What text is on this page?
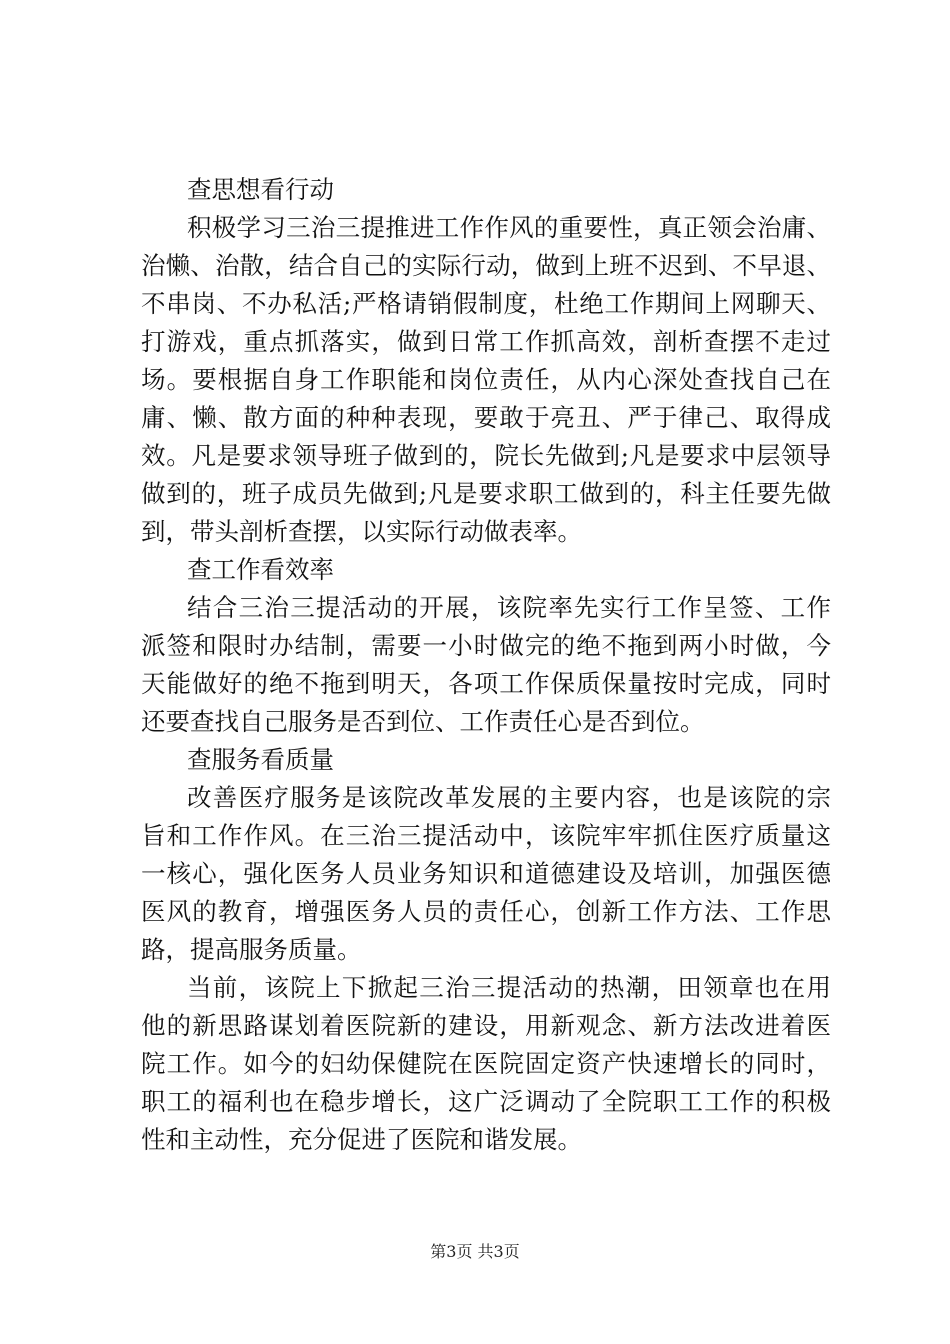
查思想看行动
积极学习三治三提推进工作作风的重要性，真正领会治庸、
治懒、治散，结合自己的实际行动，做到上班不迟到、不早退、
不串岗、不办私活;严格请销假制度，杜绝工作期间上网聊天、
打游戏，重点抓落实，做到日常工作抓高效，剖析查摆不走过
场。要根据自身工作职能和岗位责任，从内心深处查找自己在
庸、懒、散方面的种种表现，要敢于亮丑、严于律己、取得成
效。凡是要求领导班子做到的，院长先做到;凡是要求中层领导
做到的，班子成员先做到;凡是要求职工做到的，科主任要先做
到，带头剖析查摆，以实际行动做表率。
查工作看效率
结合三治三提活动的开展，该院率先实行工作呈签、工作
派签和限时办结制，需要一小时做完的绝不拖到两小时做，今
天能做好的绝不拖到明天，各项工作保质保量按时完成，同时
还要查找自己服务是否到位、工作责任心是否到位。
查服务看质量
改善医疗服务是该院改革发展的主要内容，也是该院的宗
旨和工作作风。在三治三提活动中，该院牢牢抓住医疗质量这
一核心，强化医务人员业务知识和道德建设及培训，加强医德
医风的教育，增强医务人员的责任心，创新工作方法、工作思
路，提高服务质量。
当前，该院上下掀起三治三提活动的热潮，田领章也在用
他的新思路谋划着医院新的建设，用新观念、新方法改进着医
院工作。如今的妇幼保健院在医院固定资产快速增长的同时，
职工的福利也在稳步增长，这广泛调动了全院职工工作的积极
性和主动性，充分促进了医院和谐发展。
第3页 共3页
